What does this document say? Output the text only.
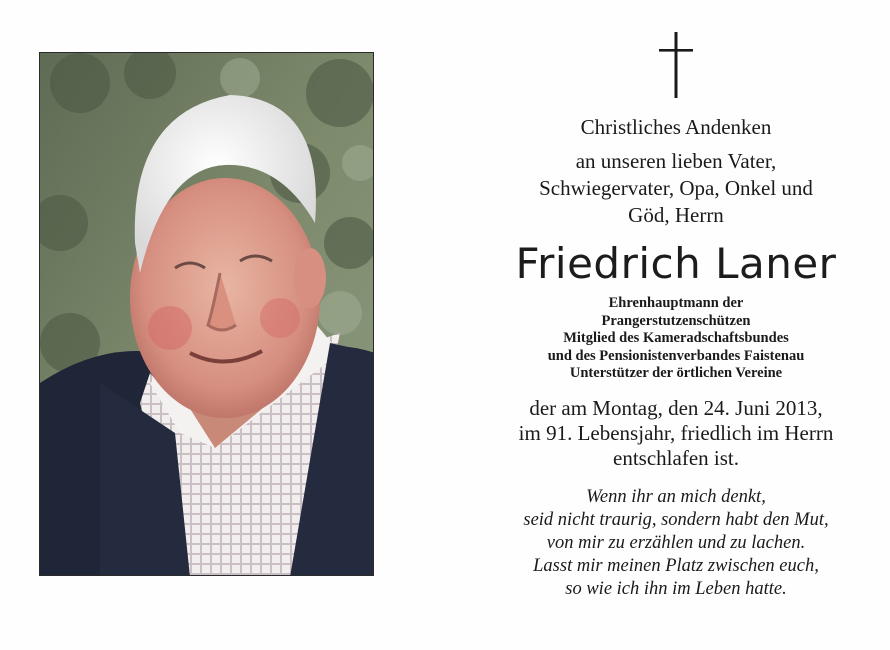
Christliches Andenken
an unseren lieben Vater,
Schwiegervater, Opa, Onkel und
Göd, Herrn
Friedrich Laner
Ehrenhauptmann der
Prangerstutzenschützen
Mitglied des Kameradschaftsbundes
und des Pensionistenverbandes Faistenau
Unterstützer der örtlichen Vereine
der am Montag, den 24. Juni 2013,
im 91. Lebensjahr, friedlich im Herrn
entschlafen ist.
Wenn ihr an mich denkt,
seid nicht traurig, sondern habt den Mut,
von mir zu erzählen und zu lachen.
Lasst mir meinen Platz zwischen euch,
so wie ich ihn im Leben hatte.
